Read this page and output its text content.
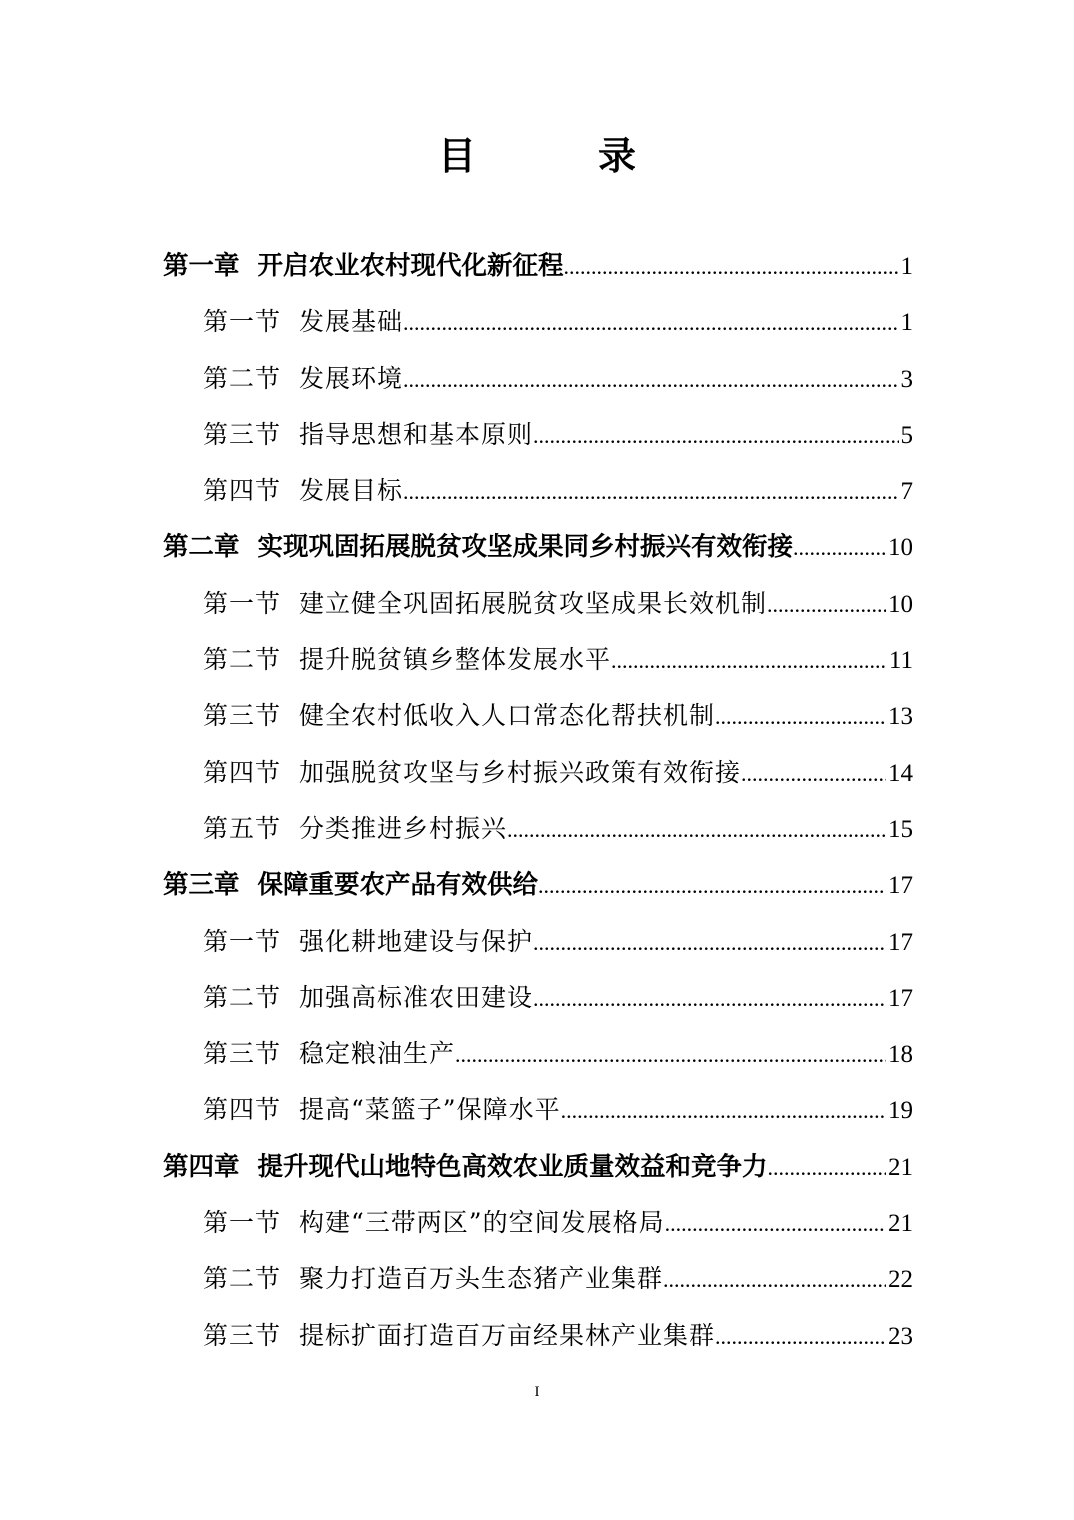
目　录
第一章 开启农业农村现代化新征程 .....	1
第一节 发展基础 .....	1
第二节 发展环境 .....	3
第三节 指导思想和基本原则 .....	5
第四节 发展目标 .....	7
第二章 实现巩固拓展脱贫攻坚成果同乡村振兴有效衔接 .....	10
第一节 建立健全巩固拓展脱贫攻坚成果长效机制 .....	10
第二节 提升脱贫镇乡整体发展水平 .....	11
第三节 健全农村低收入人口常态化帮扶机制 .....	13
第四节 加强脱贫攻坚与乡村振兴政策有效衔接 .....	14
第五节 分类推进乡村振兴 .....	15
第三章 保障重要农产品有效供给 .....	17
第一节 强化耕地建设与保护 .....	17
第二节 加强高标准农田建设 .....	17
第三节 稳定粮油生产 .....	18
第四节 提高“菜篮子”保障水平 .....	19
第四章 提升现代山地特色高效农业质量效益和竞争力 .....	21
第一节 构建“三带两区”的空间发展格局 .....	21
第二节 聚力打造百万头生态猪产业集群 .....	22
第三节 提标扩面打造百万亩经果林产业集群 .....	23
I
